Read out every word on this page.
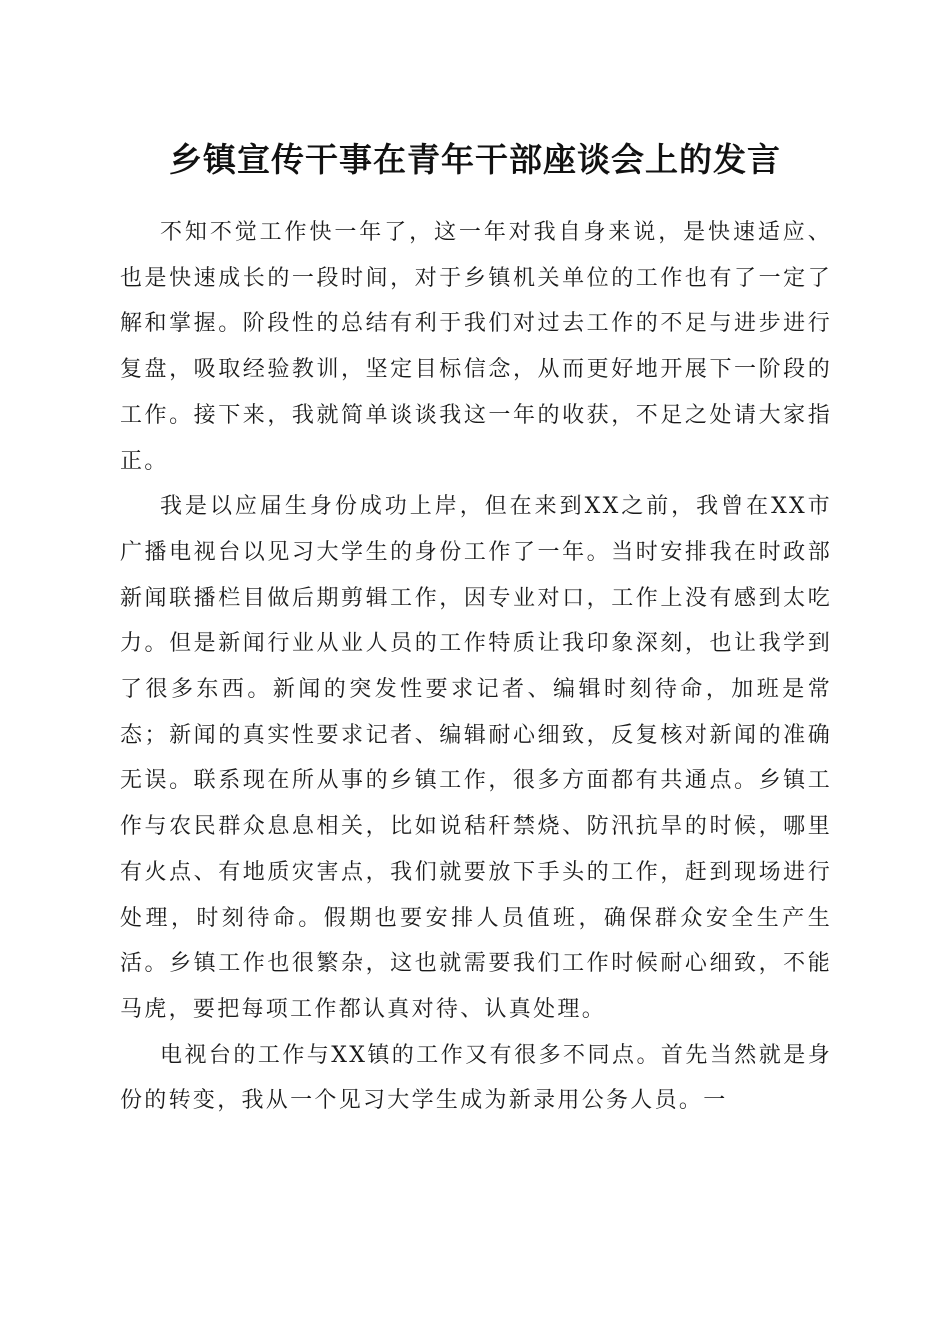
乡镇宣传干事在青年干部座谈会上的发言

不知不觉工作快一年了，这一年对我自身来说，是快速适应、也是快速成长的一段时间，对于乡镇机关单位的工作也有了一定了解和掌握。阶段性的总结有利于我们对过去工作的不足与进步进行复盘，吸取经验教训，坚定目标信念，从而更好地开展下一阶段的工作。接下来，我就简单谈谈我这一年的收获，不足之处请大家指正。

我是以应届生身份成功上岸，但在来到XX之前，我曾在XX市广播电视台以见习大学生的身份工作了一年。当时安排我在时政部新闻联播栏目做后期剪辑工作，因专业对口，工作上没有感到太吃力。但是新闻行业从业人员的工作特质让我印象深刻，也让我学到了很多东西。新闻的突发性要求记者、编辑时刻待命，加班是常态；新闻的真实性要求记者、编辑耐心细致，反复核对新闻的准确无误。联系现在所从事的乡镇工作，很多方面都有共通点。乡镇工作与农民群众息息相关，比如说秸秆禁烧、防汛抗旱的时候，哪里有火点、有地质灾害点，我们就要放下手头的工作，赶到现场进行处理，时刻待命。假期也要安排人员值班，确保群众安全生产生活。乡镇工作也很繁杂，这也就需要我们工作时候耐心细致，不能马虎，要把每项工作都认真对待、认真处理。

电视台的工作与XX镇的工作又有很多不同点。首先当然就是身份的转变，我从一个见习大学生成为新录用公务人员。一
